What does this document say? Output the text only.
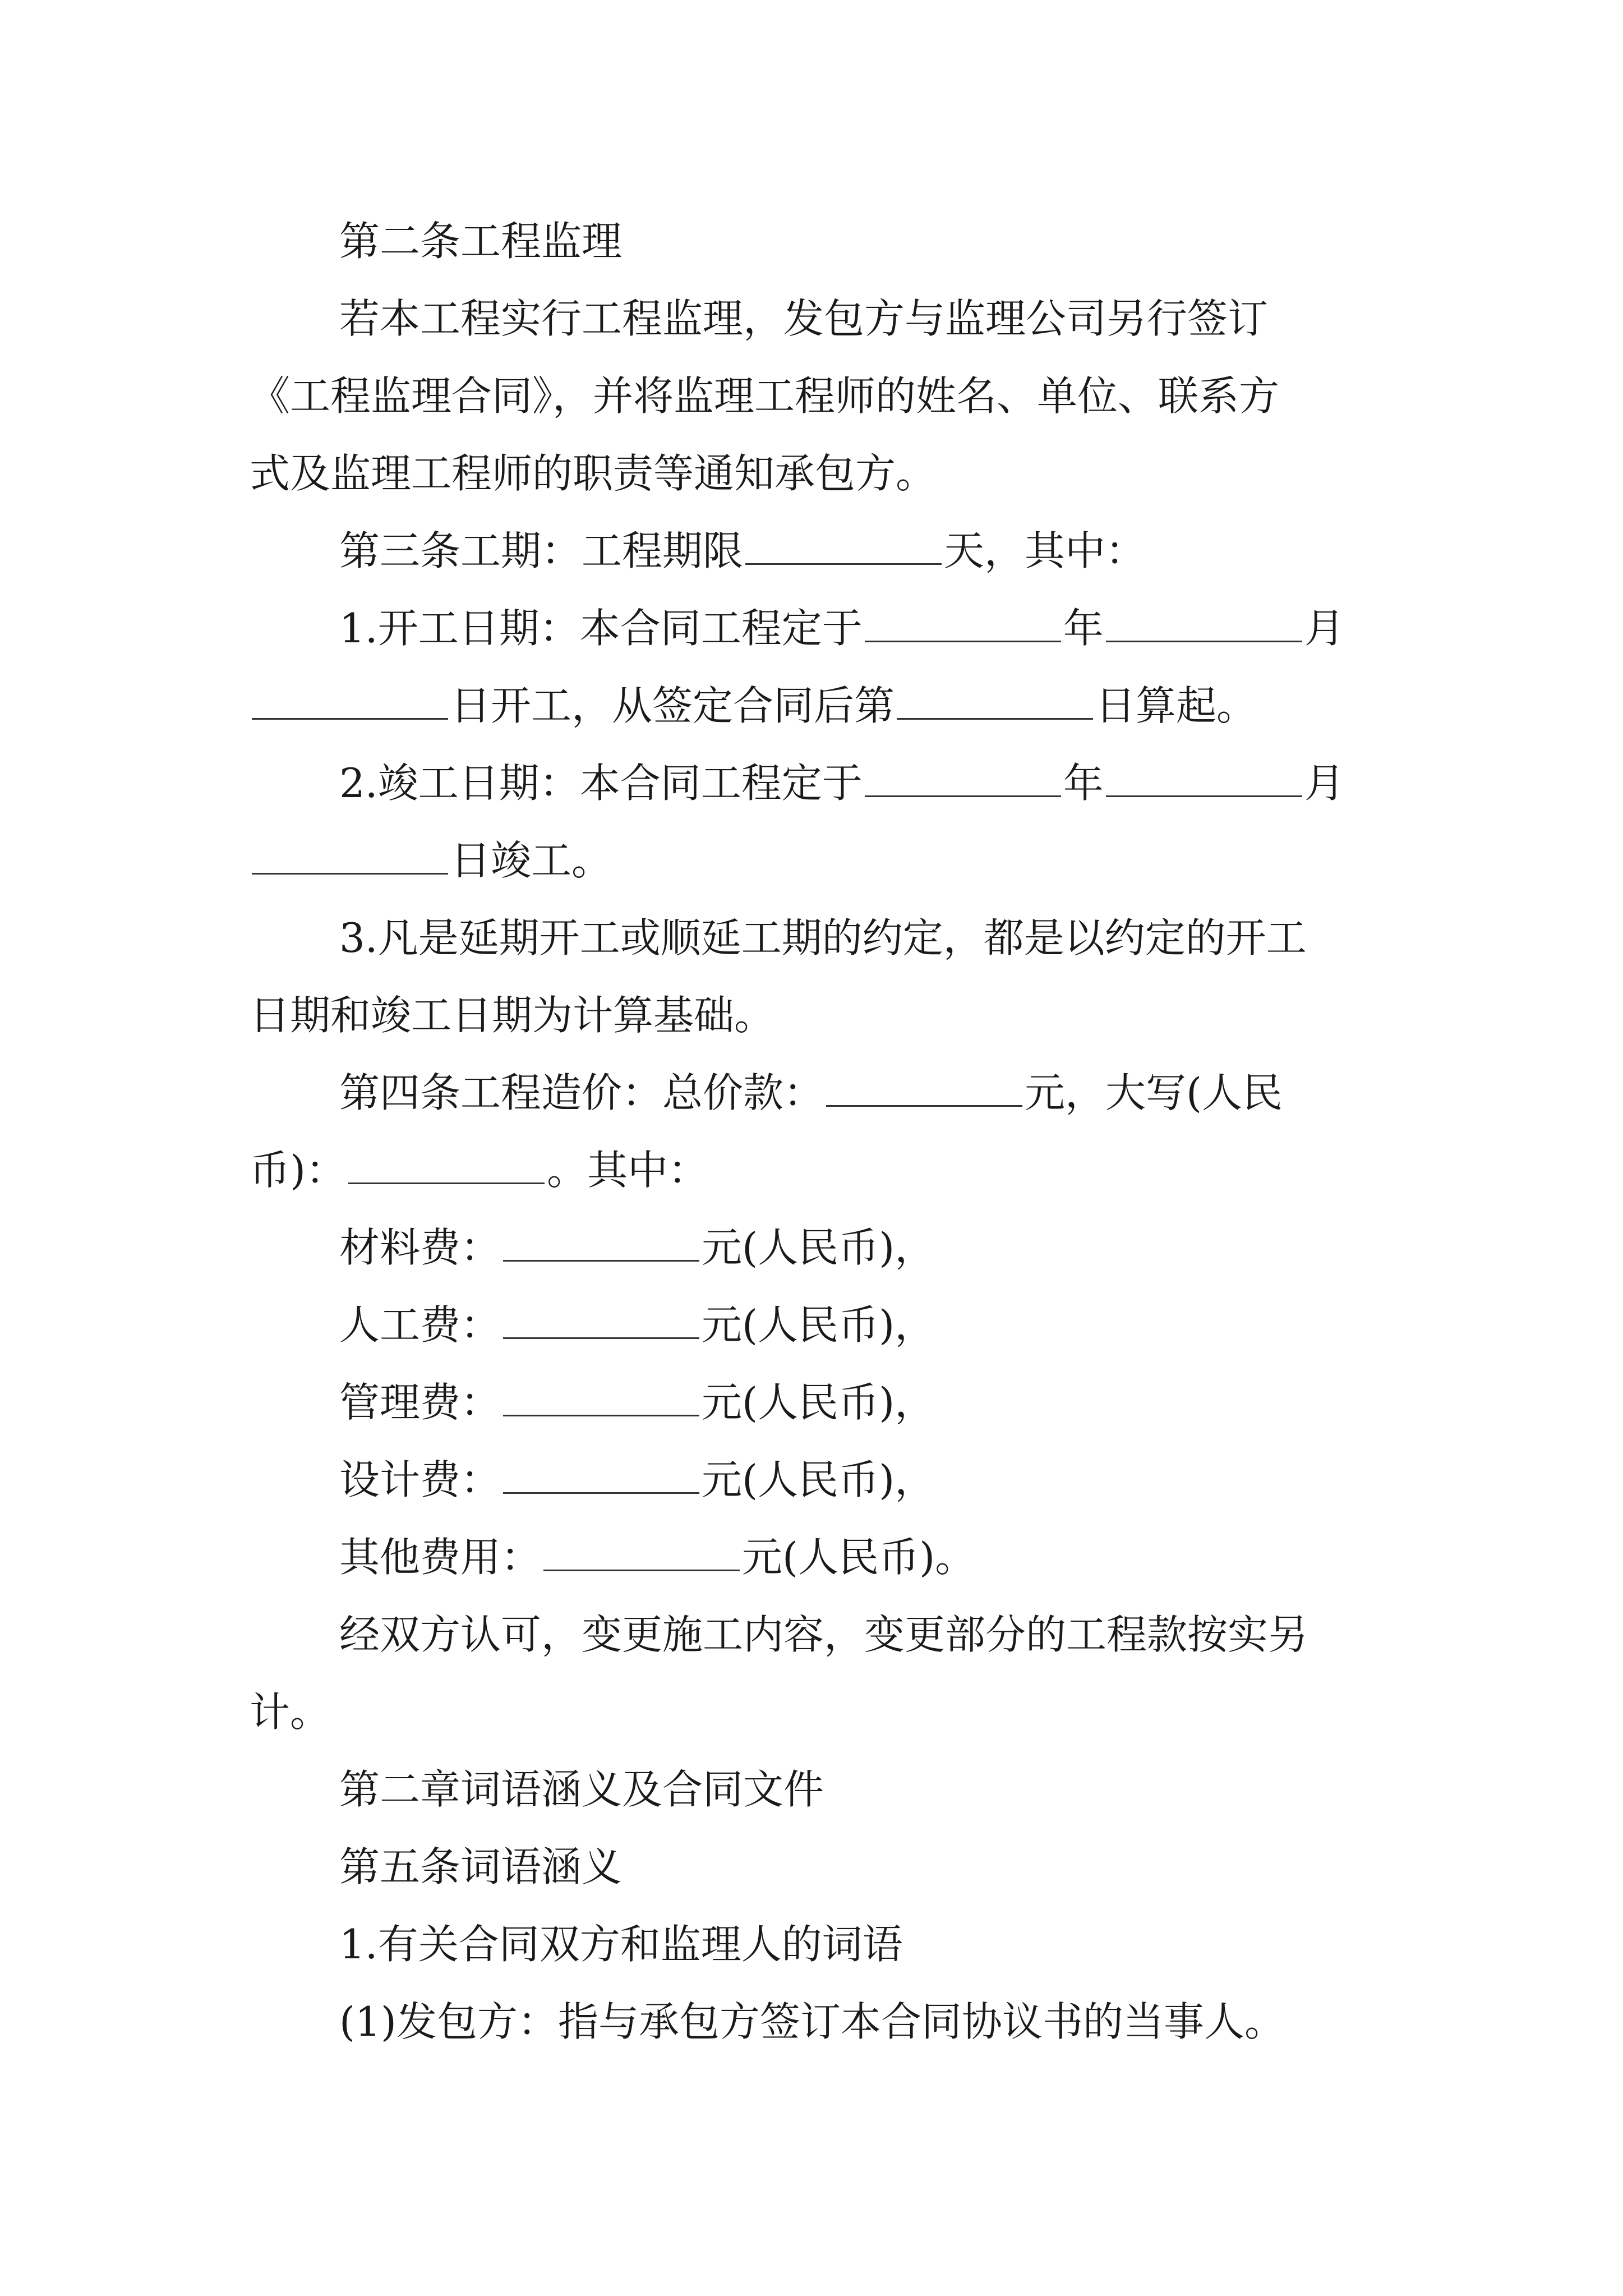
第二条工程监理
若本工程实行工程监理，发包方与监理公司另行签订
《工程监理合同》，并将监理工程师的姓名、单位、联系方
式及监理工程师的职责等通知承包方。
第三条工期：工程期限	天，其中：
1.开工日期：本合同工程定于	年	月
日开工，从签定合同后第	日算起。
2.竣工日期：本合同工程定于	年	月
日竣工。
3.凡是延期开工或顺延工期的约定，都是以约定的开工
日期和竣工日期为计算基础。
第四条工程造价：总价款：	元，大写(人民
币)：	。其中：
材料费：	元(人民币)，
人工费：	元(人民币)，
管理费：	元(人民币)，
设计费：	元(人民币)，
其他费用：	元(人民币)。
经双方认可，变更施工内容，变更部分的工程款按实另
计。
第二章词语涵义及合同文件
第五条词语涵义
1.有关合同双方和监理人的词语
(1)发包方：指与承包方签订本合同协议书的当事人。
